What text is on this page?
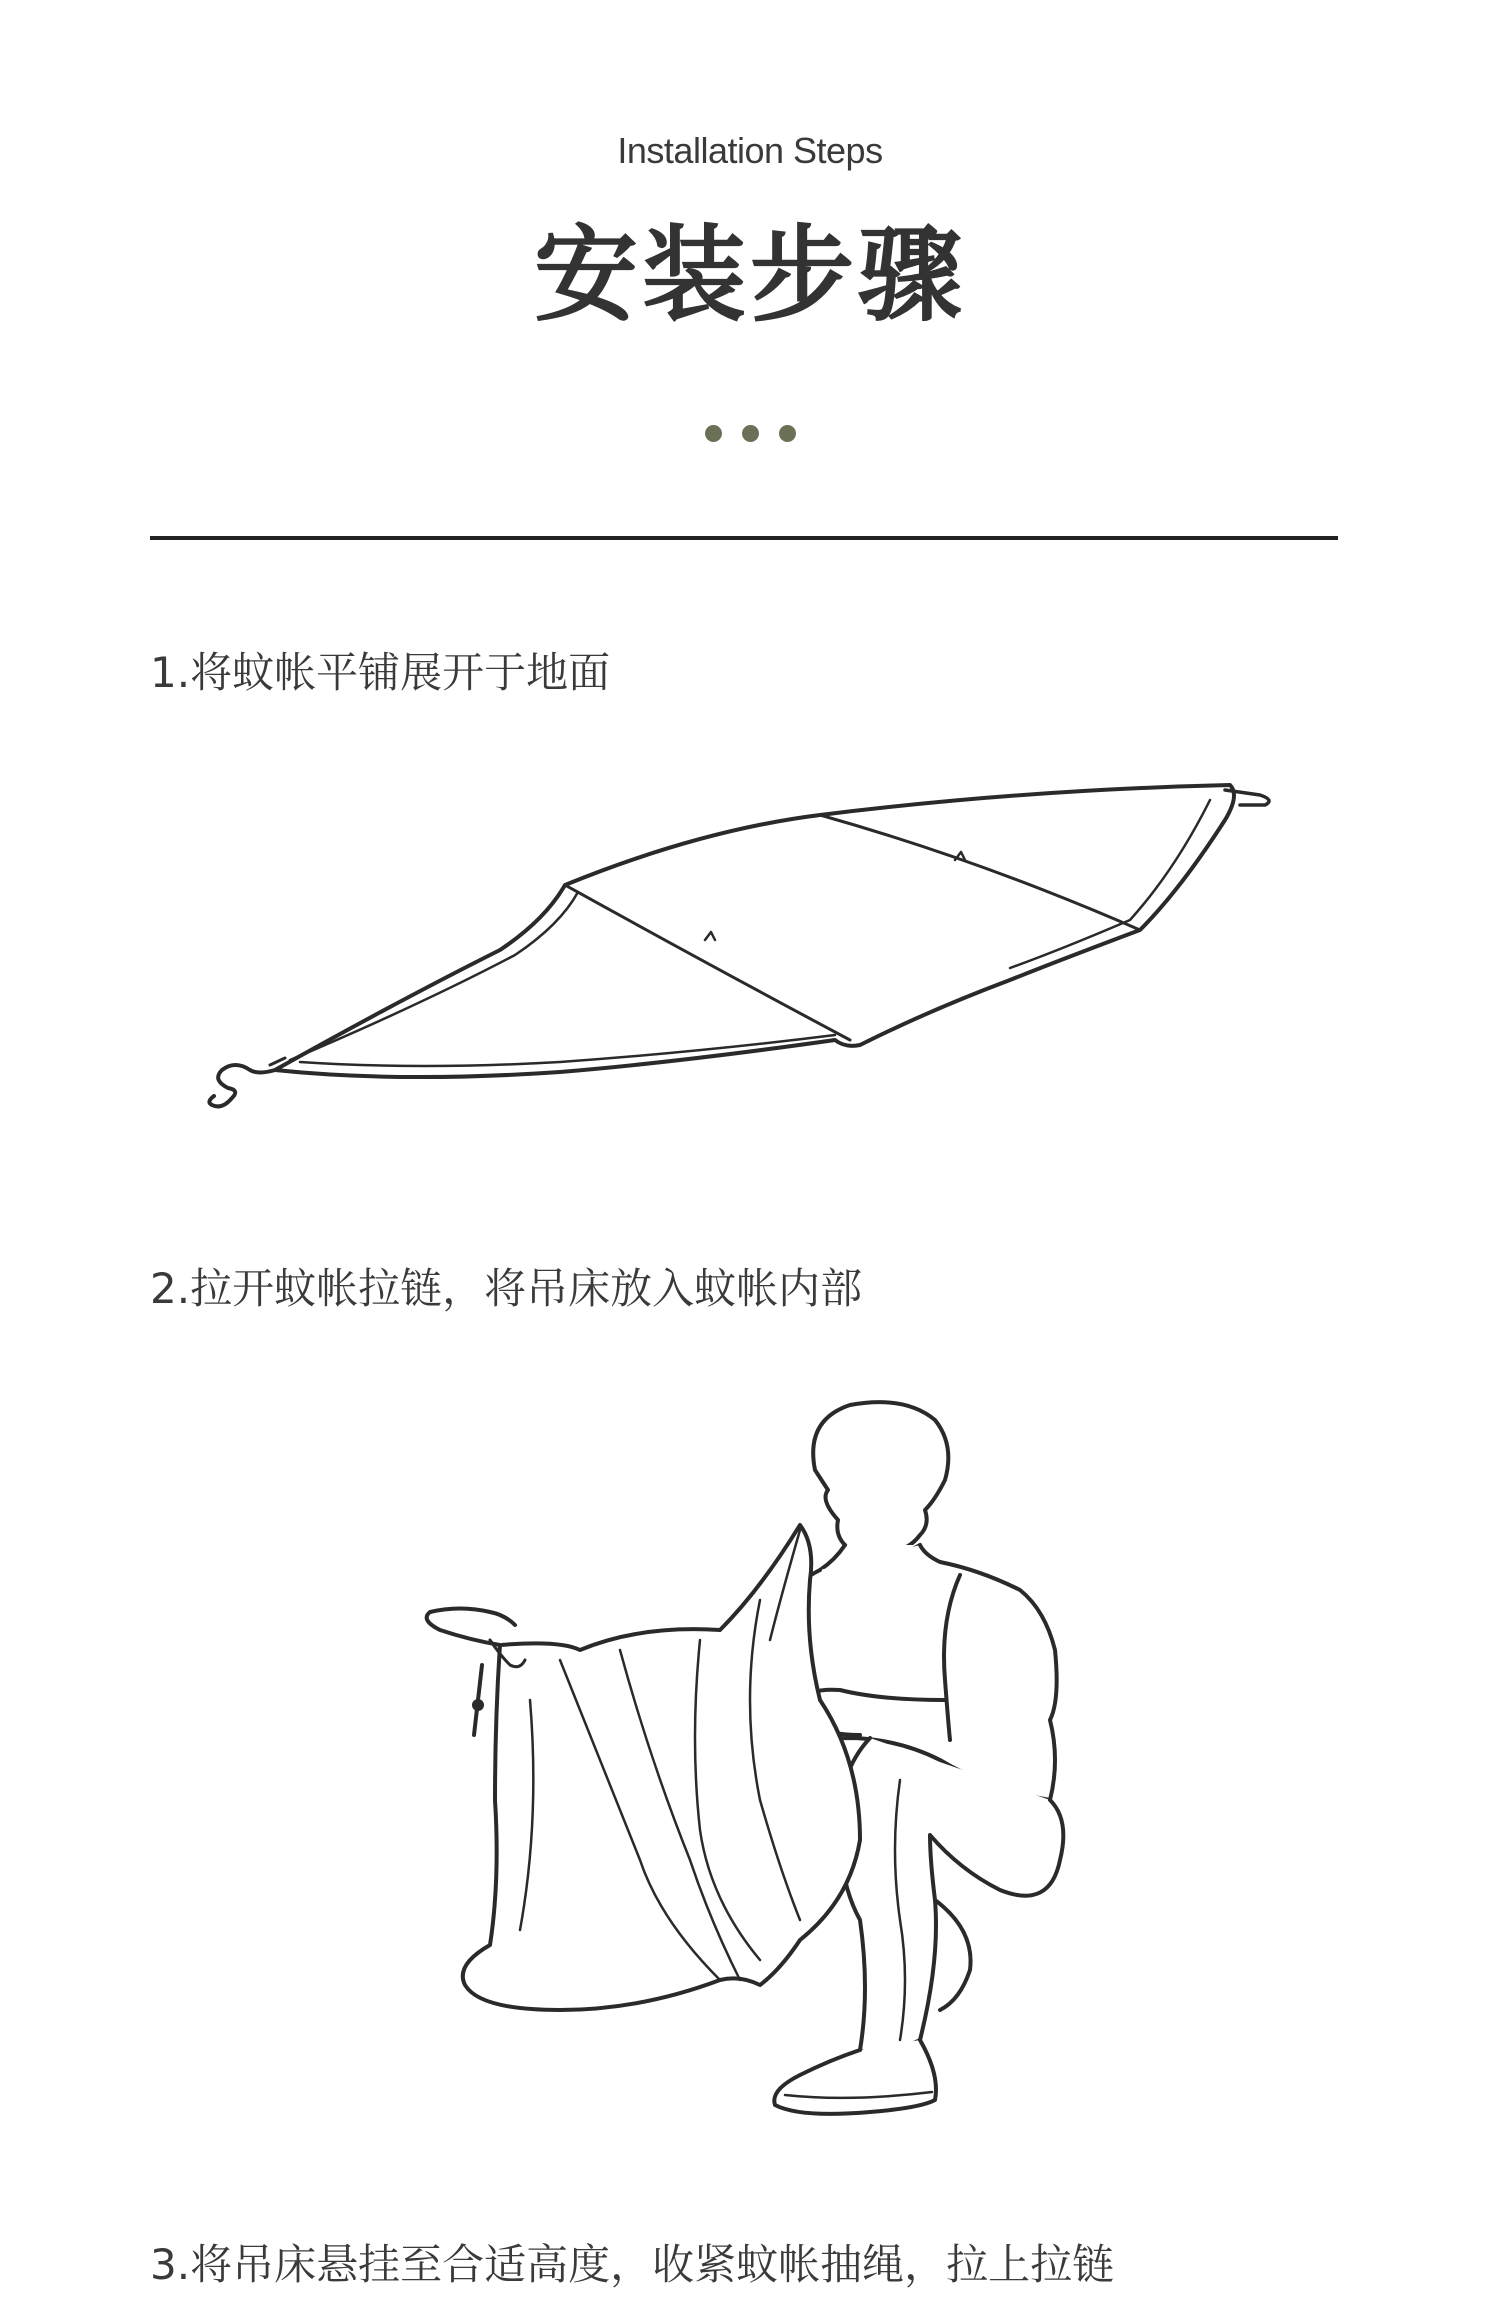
Installation Steps
安装步骤
1.将蚊帐平铺展开于地面
2.拉开蚊帐拉链，将吊床放入蚊帐内部
3.将吊床悬挂至合适高度，收紧蚊帐抽绳，拉上拉链
